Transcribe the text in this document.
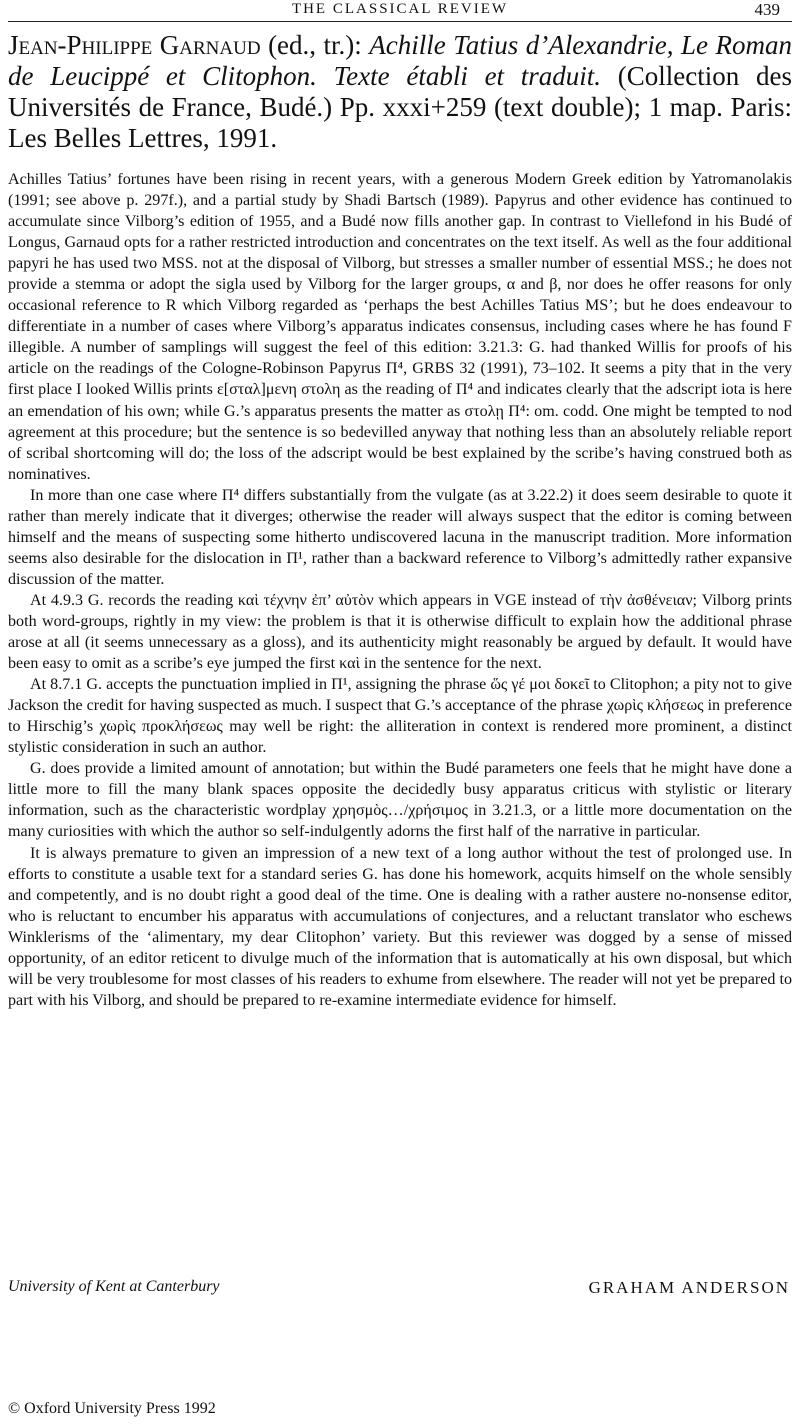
THE CLASSICAL REVIEW	439
Jean-Philippe Garnaud (ed., tr.): Achille Tatius d’Alexandrie, Le Roman de Leucippé et Clitophon. Texte établi et traduit. (Collection des Universités de France, Budé.) Pp. xxxi+259 (text double); 1 map. Paris: Les Belles Lettres, 1991.

Achilles Tatius’ fortunes have been rising in recent years, with a generous Modern Greek edition by Yatromanolakis (1991; see above p. 297f.), and a partial study by Shadi Bartsch (1989). Papyrus and other evidence has continued to accumulate since Vilborg’s edition of 1955, and a Budé now fills another gap. In contrast to Viellefond in his Budé of Longus, Garnaud opts for a rather restricted introduction and concentrates on the text itself. As well as the four additional papyri he has used two MSS. not at the disposal of Vilborg, but stresses a smaller number of essential MSS.; he does not provide a stemma or adopt the sigla used by Vilborg for the larger groups, α and β, nor does he offer reasons for only occasional reference to R which Vilborg regarded as ‘perhaps the best Achilles Tatius MS’; but he does endeavour to differentiate in a number of cases where Vilborg’s apparatus indicates consensus, including cases where he has found F illegible. A number of samplings will suggest the feel of this edition: 3.21.3: G. had thanked Willis for proofs of his article on the readings of the Cologne-Robinson Papyrus Π⁴, GRBS 32 (1991), 73–102. It seems a pity that in the very first place I looked Willis prints ε[σταλ]μενη στολη as the reading of Π⁴ and indicates clearly that the adscript iota is here an emendation of his own; while G.’s apparatus presents the matter as στολῃ Π⁴: om. codd. One might be tempted to nod agreement at this procedure; but the sentence is so bedevilled anyway that nothing less than an absolutely reliable report of scribal shortcoming will do; the loss of the adscript would be best explained by the scribe’s having construed both as nominatives.

In more than one case where Π⁴ differs substantially from the vulgate (as at 3.22.2) it does seem desirable to quote it rather than merely indicate that it diverges; otherwise the reader will always suspect that the editor is coming between himself and the means of suspecting some hitherto undiscovered lacuna in the manuscript tradition. More information seems also desirable for the dislocation in Π¹, rather than a backward reference to Vilborg’s admittedly rather expansive discussion of the matter.

At 4.9.3 G. records the reading καὶ τέχνην ἐπ’ αὐτὸν which appears in VGE instead of τὴν ἀσθένειαν; Vilborg prints both word-groups, rightly in my view: the problem is that it is otherwise difficult to explain how the additional phrase arose at all (it seems unnecessary as a gloss), and its authenticity might reasonably be argued by default. It would have been easy to omit as a scribe’s eye jumped the first καὶ in the sentence for the next.

At 8.7.1 G. accepts the punctuation implied in Π¹, assigning the phrase ὥς γέ μοι δοκεῖ to Clitophon; a pity not to give Jackson the credit for having suspected as much. I suspect that G.’s acceptance of the phrase χωρὶς κλήσεως in preference to Hirschig’s χωρὶς προκλήσεως may well be right: the alliteration in context is rendered more prominent, a distinct stylistic consideration in such an author.

G. does provide a limited amount of annotation; but within the Budé parameters one feels that he might have done a little more to fill the many blank spaces opposite the decidedly busy apparatus criticus with stylistic or literary information, such as the characteristic wordplay χρησμὸς…/χρήσιμος in 3.21.3, or a little more documentation on the many curiosities with which the author so self-indulgently adorns the first half of the narrative in particular.

It is always premature to given an impression of a new text of a long author without the test of prolonged use. In efforts to constitute a usable text for a standard series G. has done his homework, acquits himself on the whole sensibly and competently, and is no doubt right a good deal of the time. One is dealing with a rather austere no-nonsense editor, who is reluctant to encumber his apparatus with accumulations of conjectures, and a reluctant translator who eschews Winklerisms of the ‘alimentary, my dear Clitophon’ variety. But this reviewer was dogged by a sense of missed opportunity, of an editor reticent to divulge much of the information that is automatically at his own disposal, but which will be very troublesome for most classes of his readers to exhume from elsewhere. The reader will not yet be prepared to part with his Vilborg, and should be prepared to re-examine intermediate evidence for himself.

University of Kent at Canterbury	GRAHAM ANDERSON
© Oxford University Press 1992
